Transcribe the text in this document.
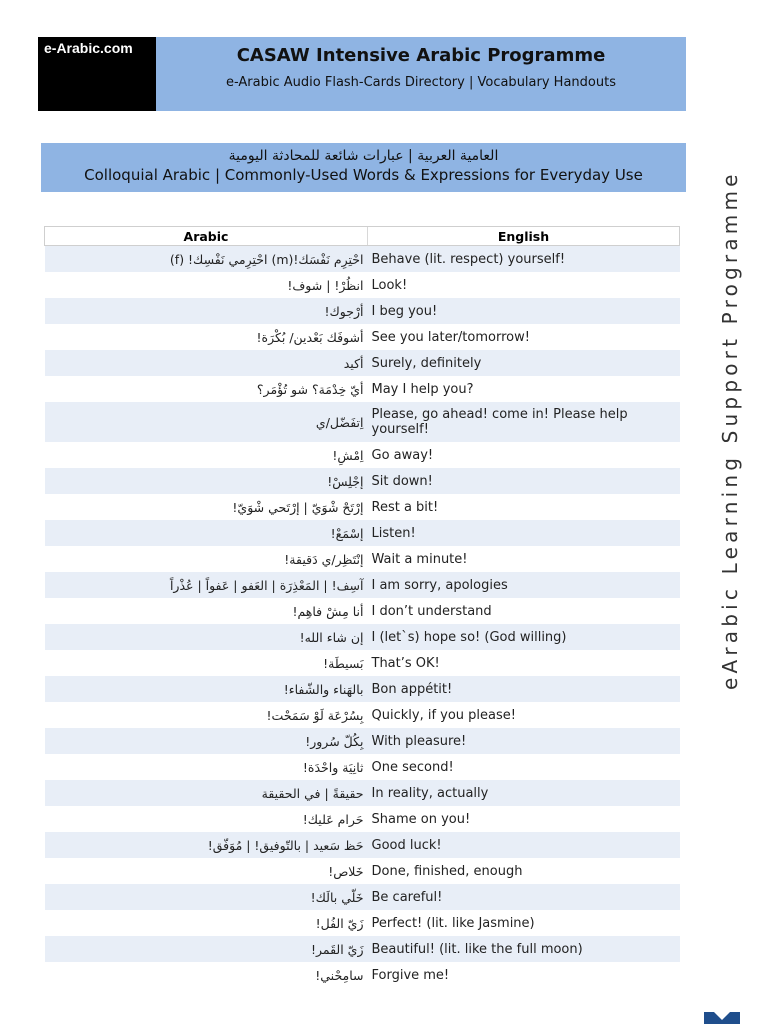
e-Arabic.com	CASAW Intensive Arabic Programme
e-Arabic Audio Flash-Cards Directory | Vocabulary Handouts
العامية العربية | عبارات شائعة للمحادثة اليومية
Colloquial Arabic | Commonly-Used Words & Expressions for Everyday Use
Arabic	English
احْتِرِم نَفْسَك!(m) احْتِرِمي نَفْسِك! (f)	Behave (lit. respect) yourself!
انظُرْ! | شوف!	Look!
أرْجوك!	I beg you!
أشوفَك بَعْدين/ بُكْرَة!	See you later/tomorrow!
أكيد	Surely, definitely
أيّ خِدْمَة؟ شو تُؤْمَر؟	May I help you?
اِتفَضّل/ي	Please, go ahead! come in! Please help yourself!
اِمْشِ!	Go away!
إجْلِسْ!	Sit down!
إرْتَحْ شْوَيّ | إرْتَحي شْوَيّ!	Rest a bit!
إسْمَعْ!	Listen!
إنْتَظِر/ي دَقيقة!	Wait a minute!
آسِف! | المَعْذِرَة | العَفو | عَفواً | عُذْراً	I am sorry, apologies
أنا مِشْ فاهِم!	I don’t understand
إن شاء الله!	I (let`s) hope so! (God willing)
بَسيطَة!	That’s OK!
بالهَناء والشّفاء!	Bon appétit!
بِسُرْعَة لَوْ سَمَحْت!	Quickly, if you please!
بِكُلّ سُرور!	With pleasure!
ثانِيَة واحْدَة!	One second!
حقيقةً | في الحقيقة	In reality, actually
حَرام عَليك!	Shame on you!
حَظ سَعيد | بالتّوفيق! | مُوَفّق!	Good luck!
خَلاص!	Done, finished, enough
خَلّي بالَك!	Be careful!
زَيّ الفُل!	Perfect! (lit. like Jasmine)
زَيّ القَمر!	Beautiful! (lit. like the full moon)
سامِحْني!	Forgive me!
eArabic Learning Support Programme
